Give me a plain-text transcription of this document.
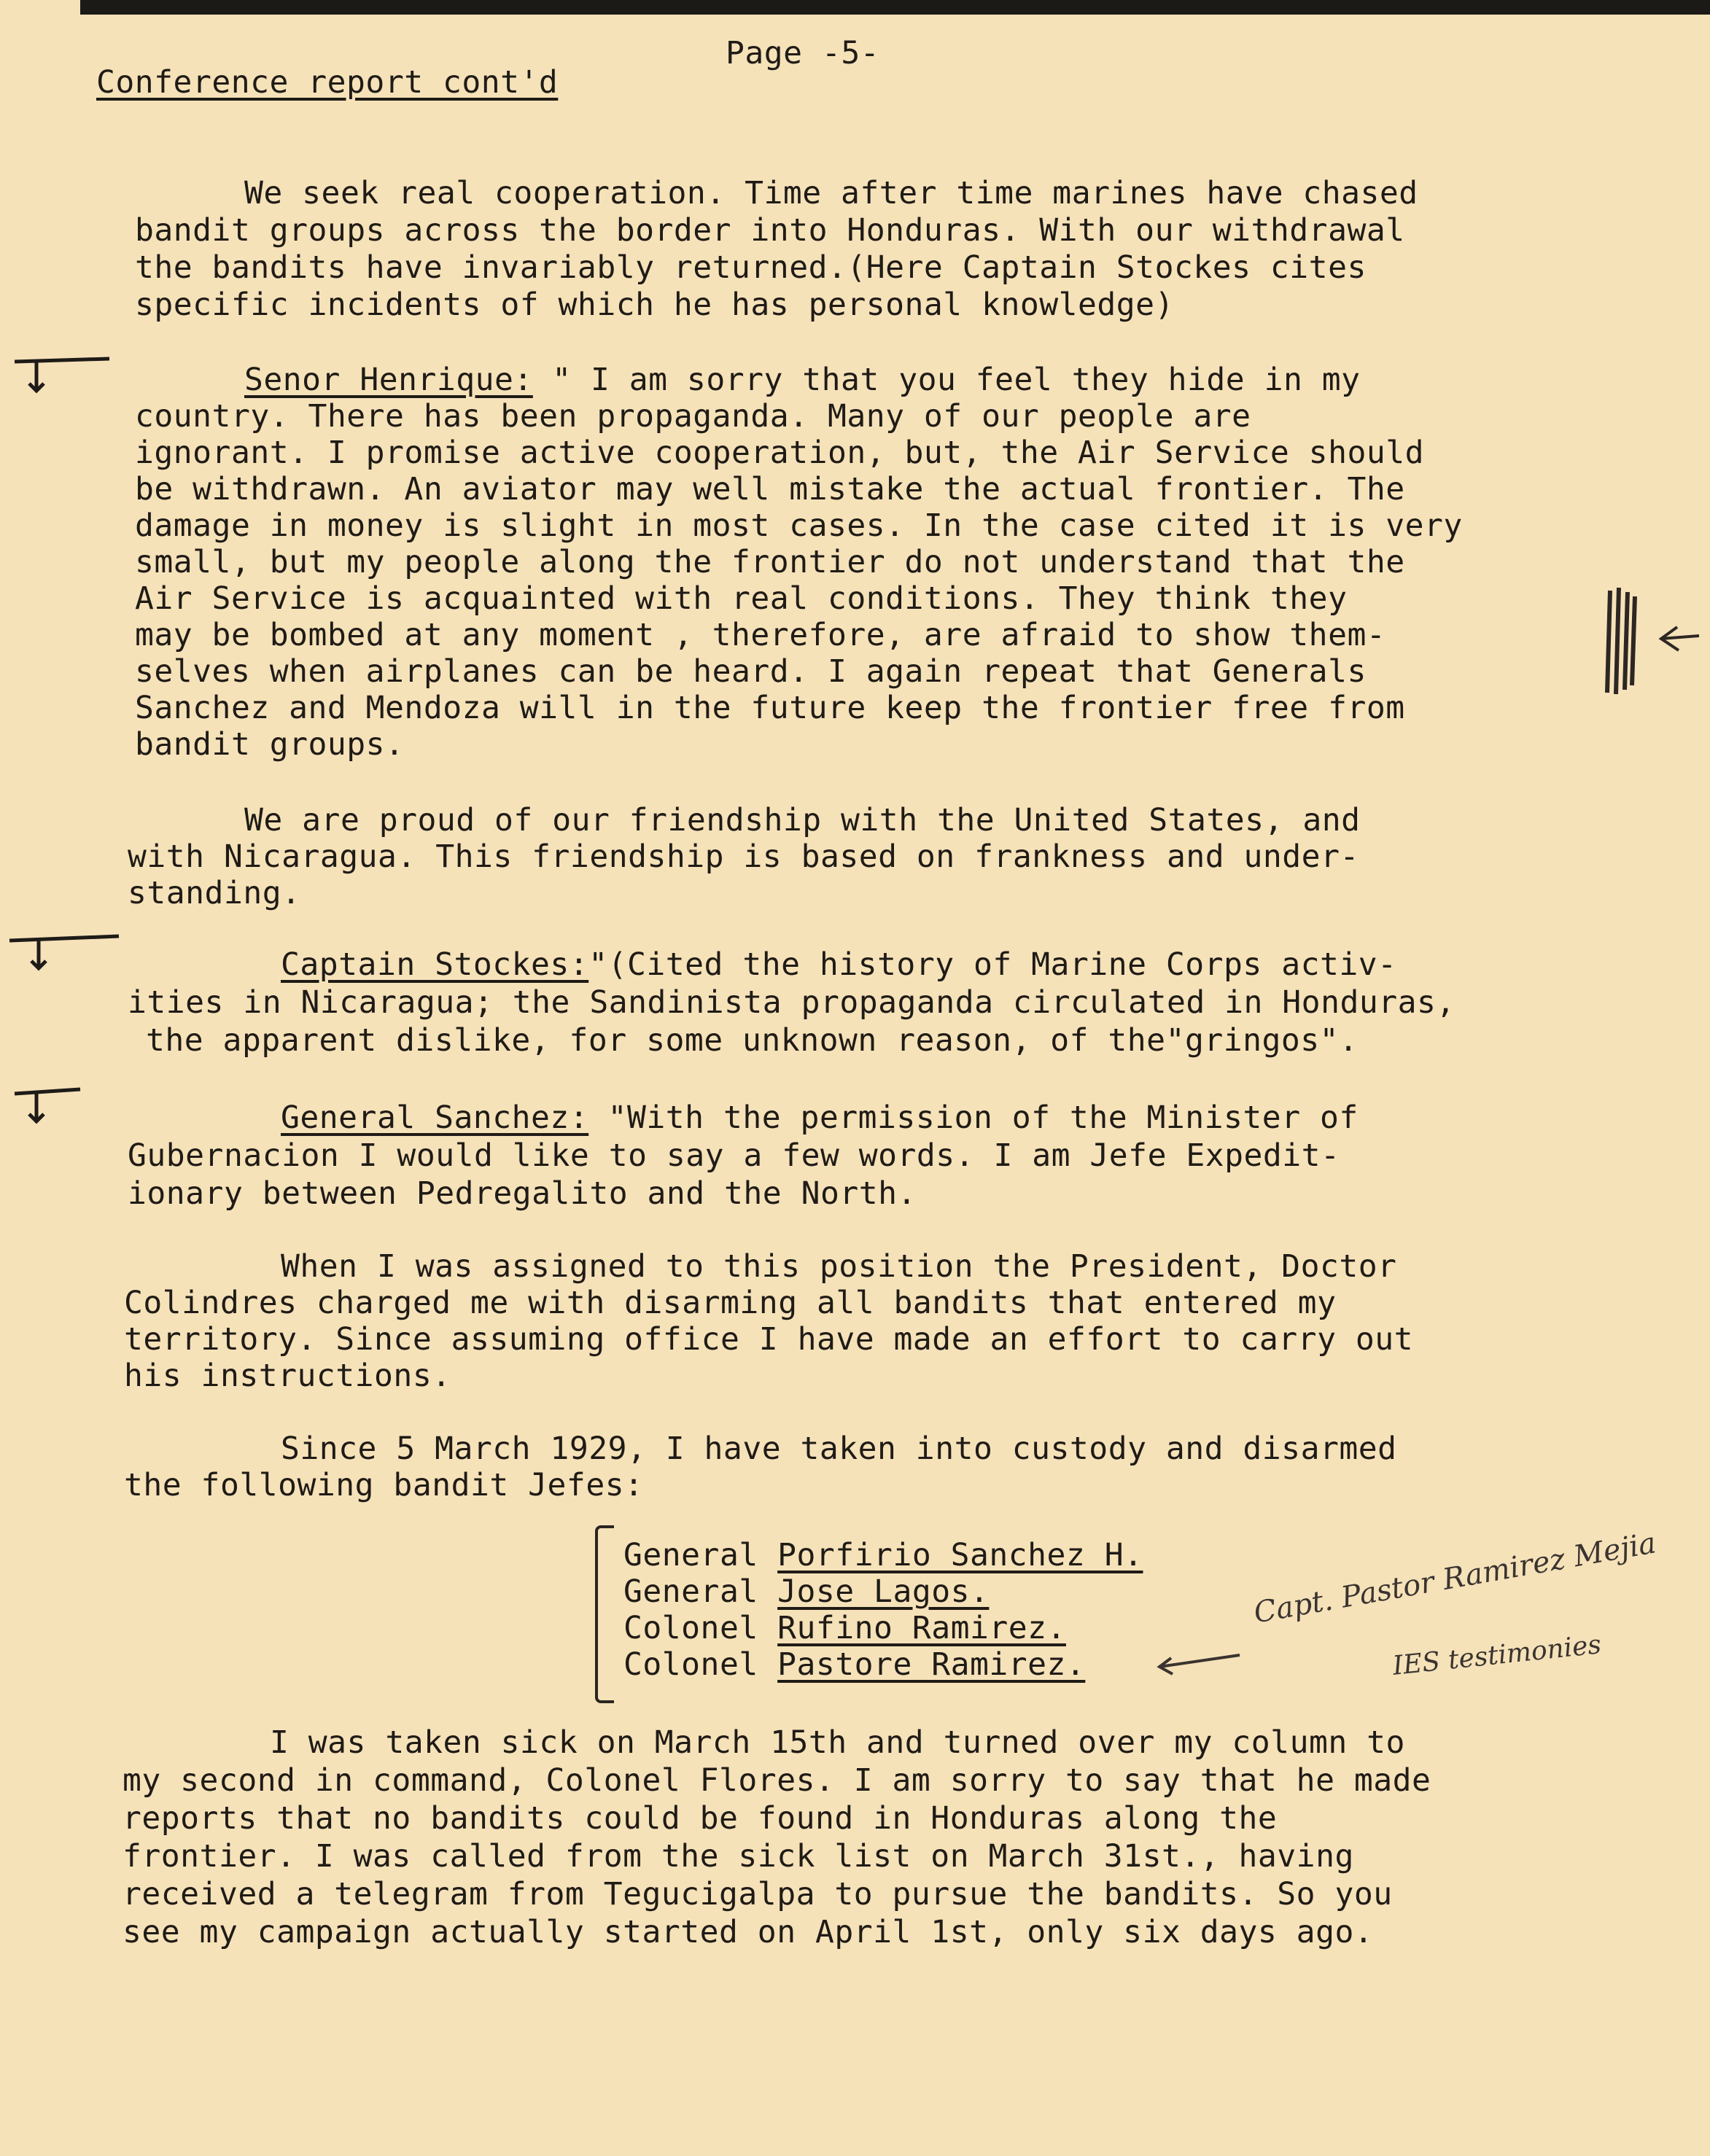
Page -5-
Conference report cont'd
We seek real cooperation. Time after time marines have chased
bandit groups across the border into Honduras. With our withdrawal
the bandits have invariably returned.(Here Captain Stockes cites
specific incidents of which he has personal knowledge)
Senor Henrique: " I am sorry that you feel they hide in my
country. There has been propaganda. Many of our people are
ignorant. I promise active cooperation, but, the Air Service should
be withdrawn. An aviator may well mistake the actual frontier. The
damage in money is slight in most cases. In the case cited it is very
small, but my people along the frontier do not understand that the
Air Service is acquainted with real conditions. They think they
may be bombed at any moment , therefore, are afraid to show them-
selves when airplanes can be heard. I again repeat that Generals
Sanchez and Mendoza will in the future keep the frontier free from
bandit groups.
We are proud of our friendship with the United States, and
with Nicaragua. This friendship is based on frankness and under-
standing.
Captain Stockes:"(Cited the history of Marine Corps activ-
ities in Nicaragua; the Sandinista propaganda circulated in Honduras,
the apparent dislike, for some unknown reason, of the"gringos".
General Sanchez: "With the permission of the Minister of
Gubernacion I would like to say a few words. I am Jefe Expedit-
ionary between Pedregalito and the North.
When I was assigned to this position the President, Doctor
Colindres charged me with disarming all bandits that entered my
territory. Since assuming office I have made an effort to carry out
his instructions.
Since 5 March 1929, I have taken into custody and disarmed
the following bandit Jefes:
General Porfirio Sanchez H.
General Jose Lagos.
Colonel Rufino Ramirez.
Colonel Pastore Ramirez.
Capt. Pastor Ramirez Mejia
IES testimonies
I was taken sick on March 15th and turned over my column to
my second in command, Colonel Flores. I am sorry to say that he made
reports that no bandits could be found in Honduras along the
frontier. I was called from the sick list on March 31st., having
received a telegram from Tegucigalpa to pursue the bandits. So you
see my campaign actually started on April 1st, only six days ago.
